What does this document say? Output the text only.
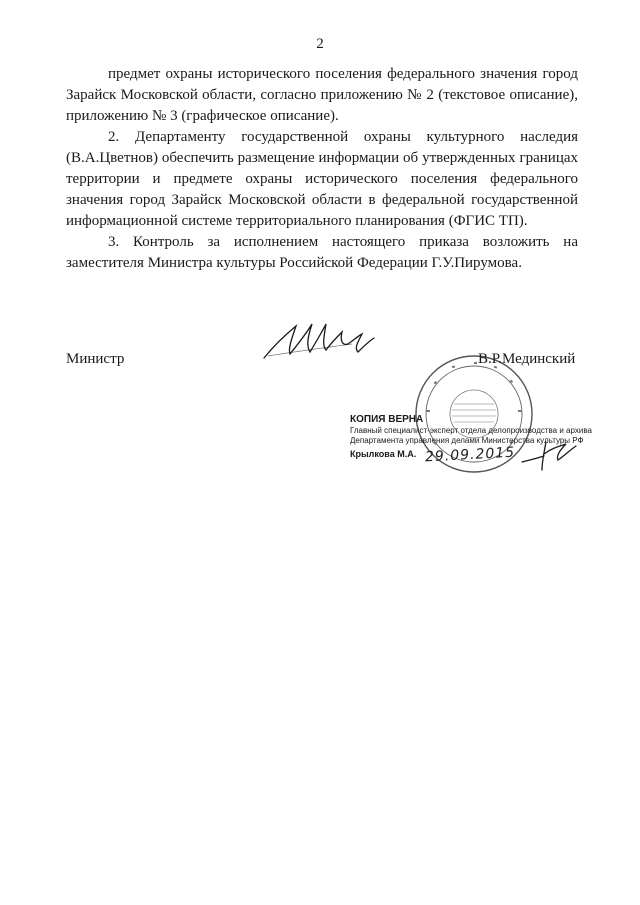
2

предмет охраны исторического поселения федерального значения город Зарайск Московской области, согласно приложению № 2 (текстовое описание), приложению № 3 (графическое описание).

2. Департаменту государственной охраны культурного наследия (В.А.Цветнов) обеспечить размещение информации об утвержденных границах территории и предмете охраны исторического поселения федерального значения город Зарайск Московской области в федеральной государственной информационной системе территориального планирования (ФГИС ТП).

3. Контроль за исполнением настоящего приказа возложить на заместителя Министра культуры Российской Федерации Г.У.Пирумова.

Министр	В.Р.Мединский
КОПИЯ ВЕРНА
Главный специалист-эксперт отдела делопроизводства и архива
Департамента управления делами Министерства культуры РФ
Крылкова М.А. 29.09.2015
